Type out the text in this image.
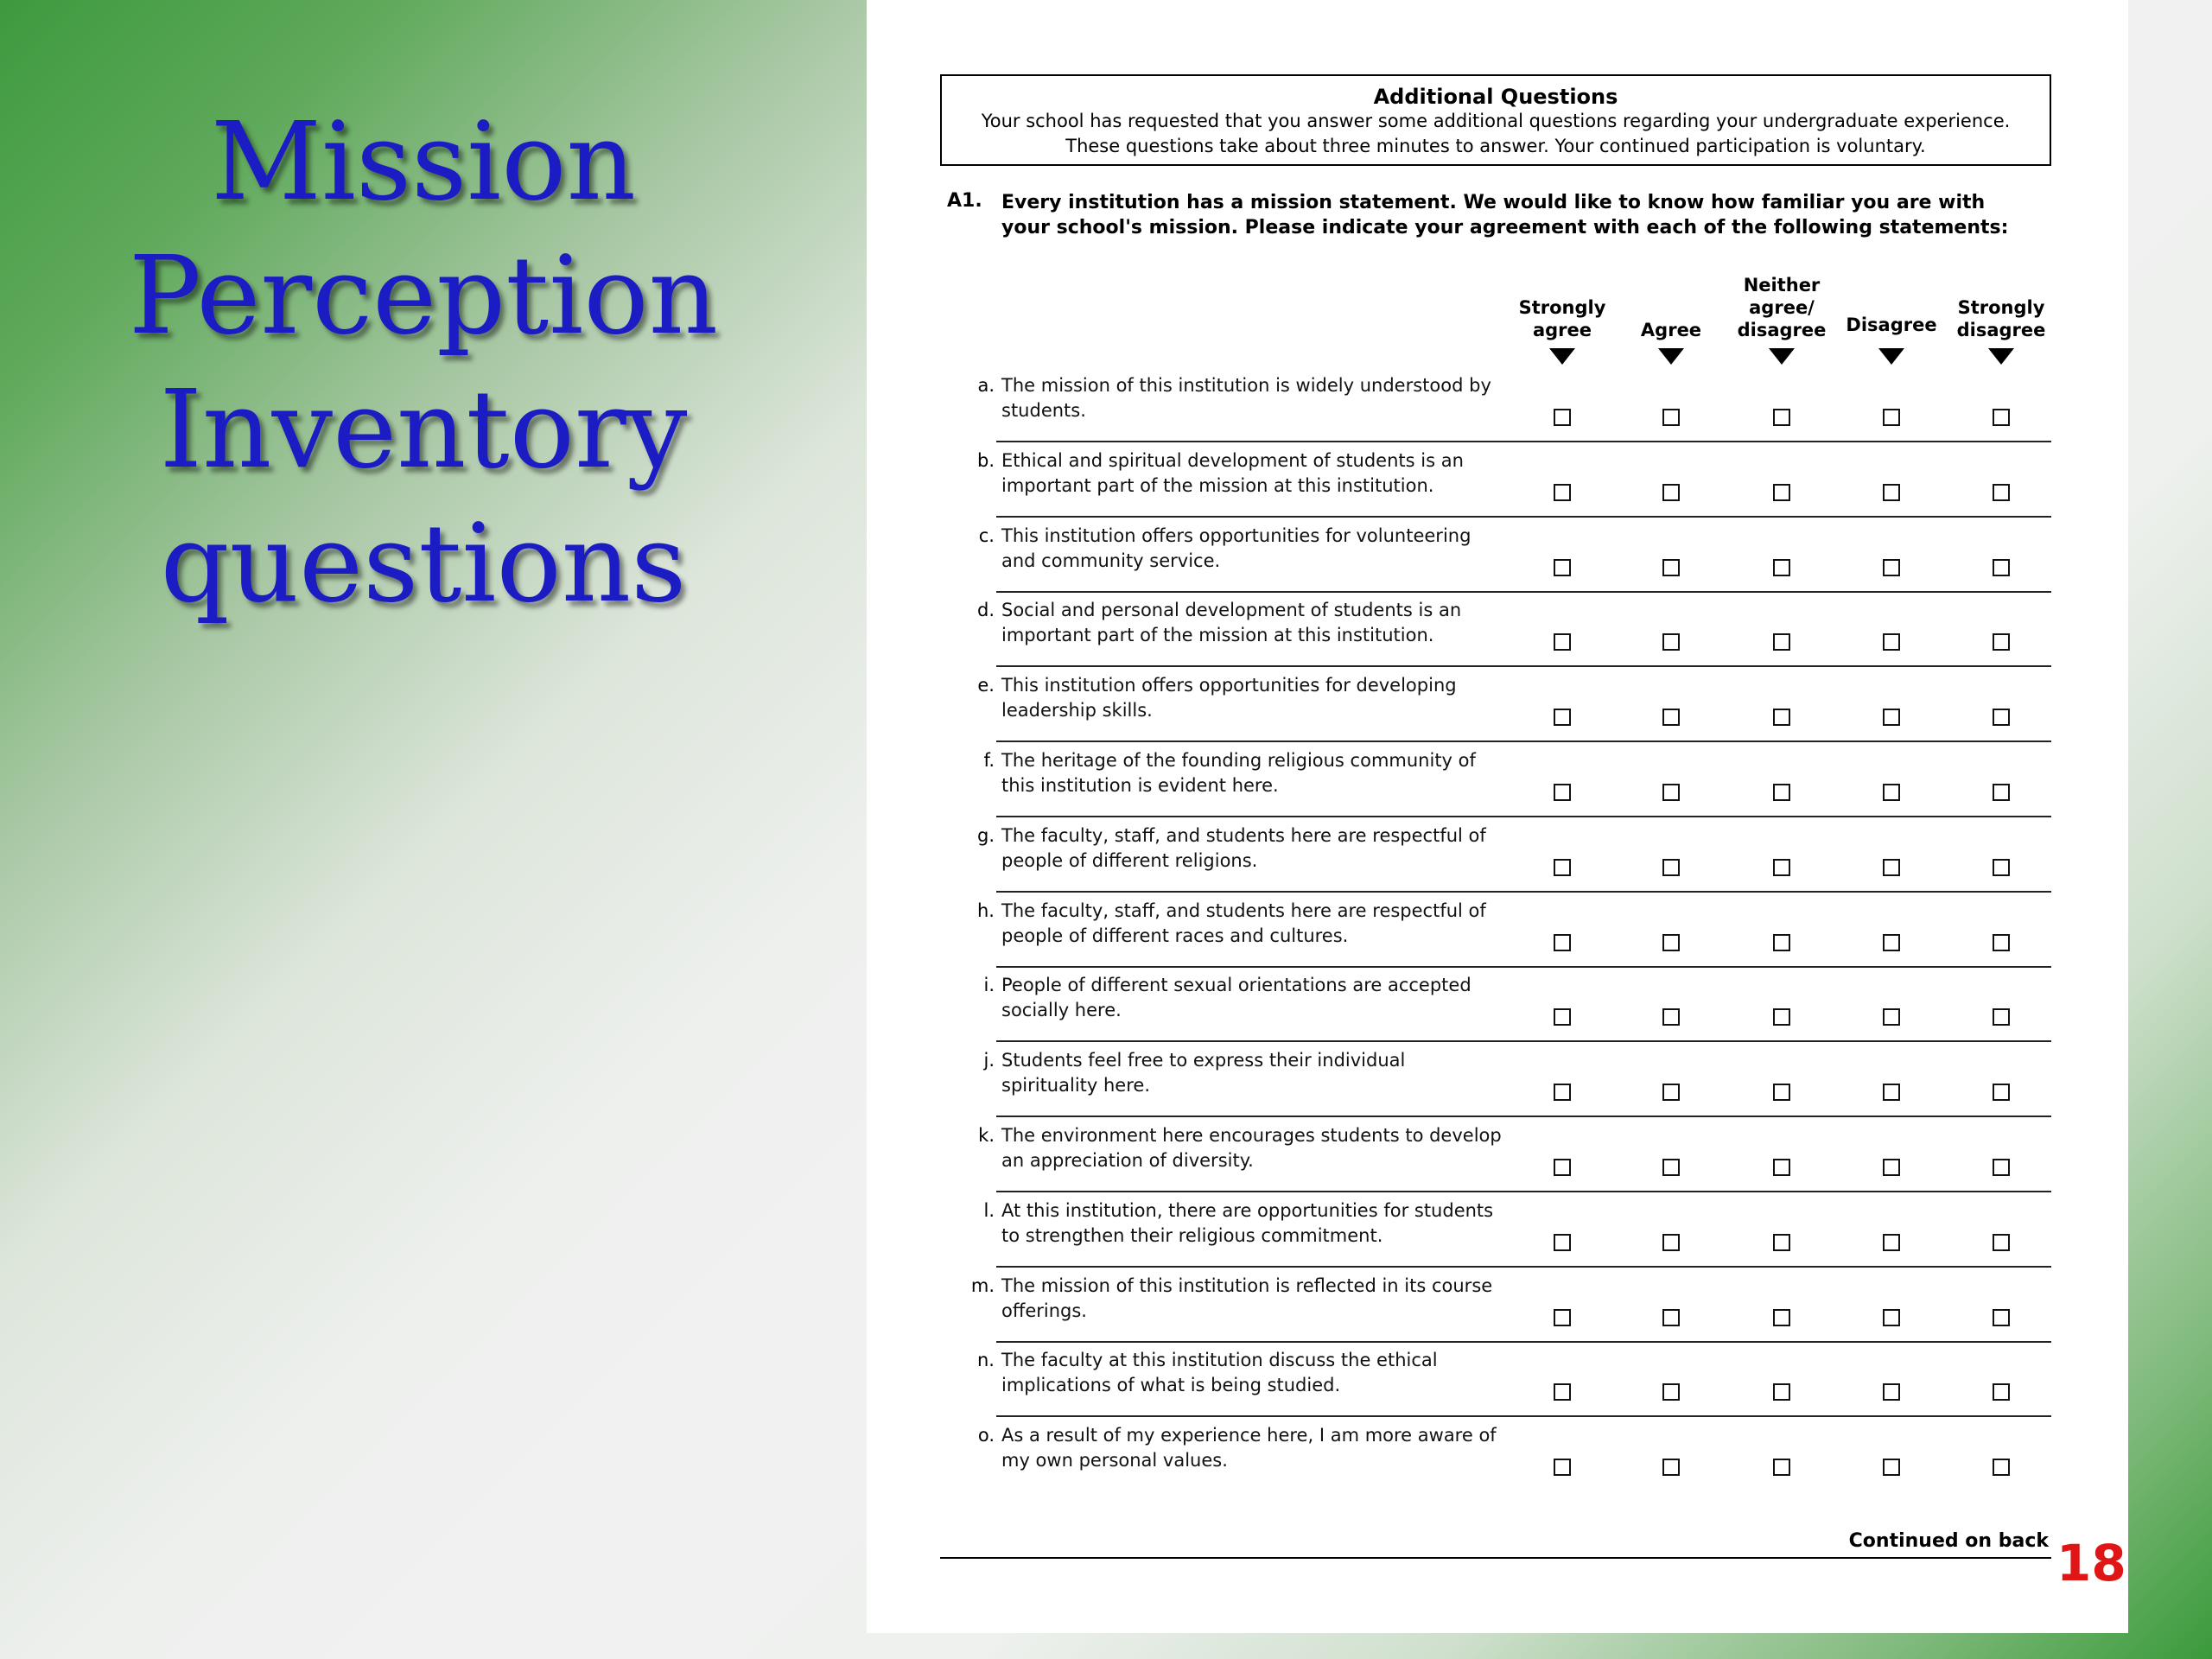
Mission
Perception
Inventory
questions
Additional Questions
Your school has requested that you answer some additional questions regarding your undergraduate experience.
These questions take about three minutes to answer. Your continued participation is voluntary.
A1. Every institution has a mission statement. We would like to know how familiar you are with your school's mission. Please indicate your agreement with each of the following statements:
Strongly agree	Agree
Neither agree/ disagree	Disagree
Strongly disagree
a. The mission of this institution is widely understood by students.
b. Ethical and spiritual development of students is an important part of the mission at this institution.
c. This institution offers opportunities for volunteering and community service.
d. Social and personal development of students is an important part of the mission at this institution.
e. This institution offers opportunities for developing leadership skills.
f. The heritage of the founding religious community of this institution is evident here.
g. The faculty, staff, and students here are respectful of people of different religions.
h. The faculty, staff, and students here are respectful of people of different races and cultures.
i. People of different sexual orientations are accepted socially here.
j. Students feel free to express their individual spirituality here.
k. The environment here encourages students to develop an appreciation of diversity.
l. At this institution, there are opportunities for students to strengthen their religious commitment.
m. The mission of this institution is reflected in its course offerings.
n. The faculty at this institution discuss the ethical implications of what is being studied.
o. As a result of my experience here, I am more aware of my own personal values.
Continued on back 18
